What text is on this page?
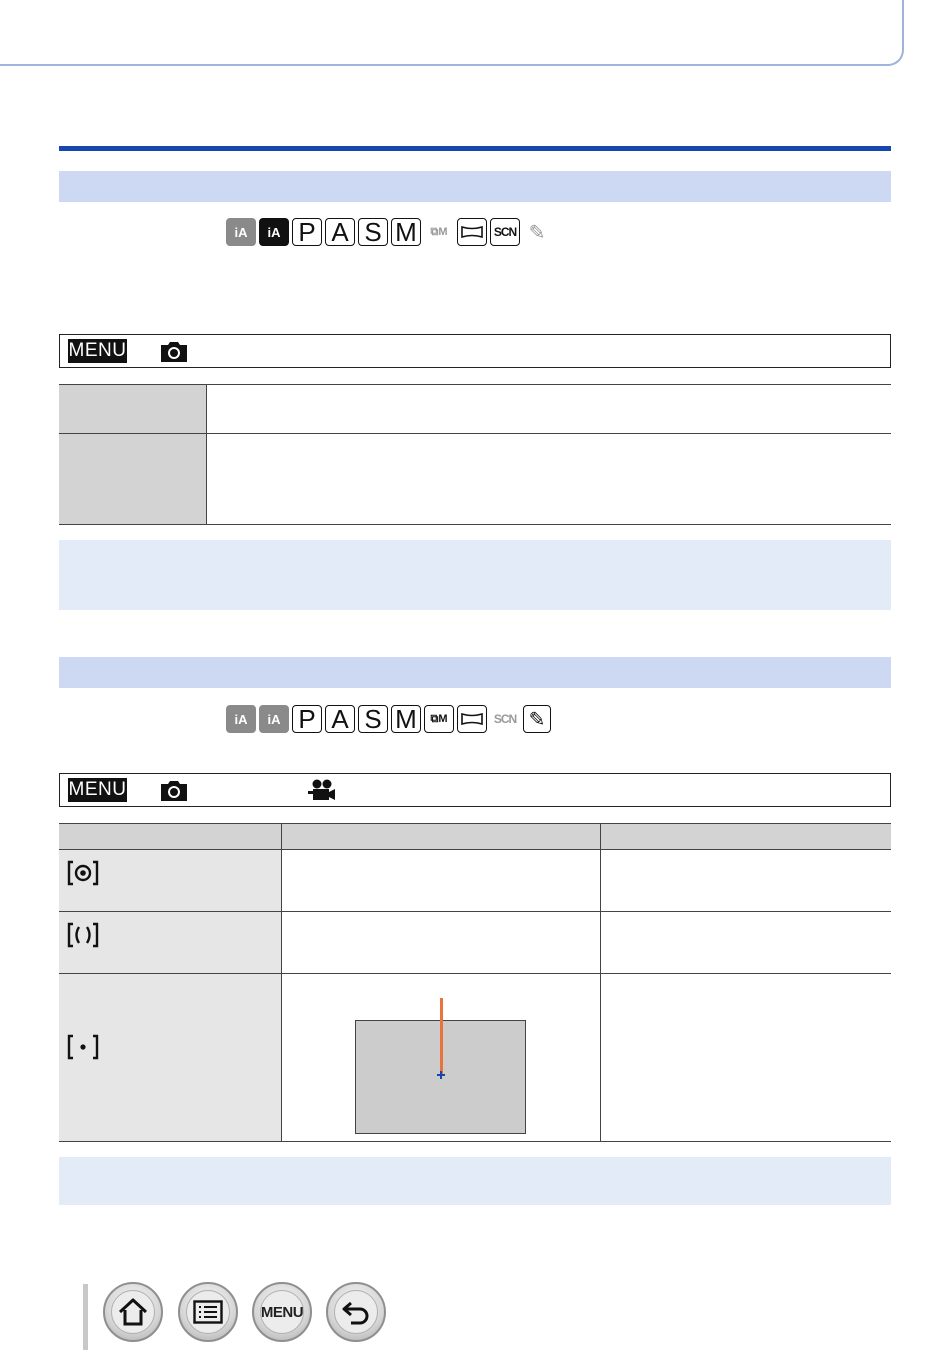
iA iA P A S M ⧉M	SCN ✎
MENU
iA iA P A S M ⧉M	SCN ✎
MENU
MENU
